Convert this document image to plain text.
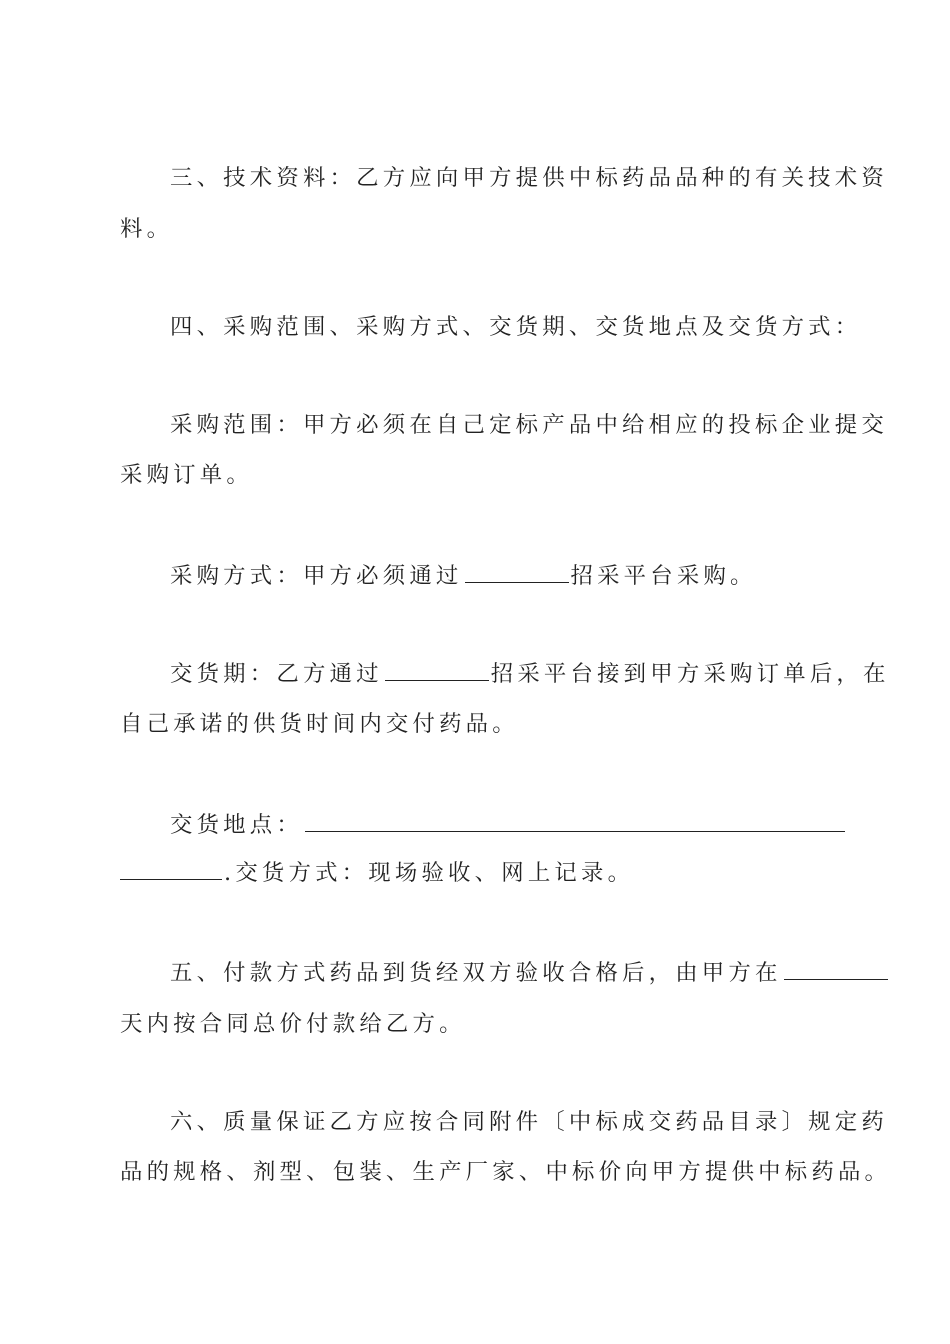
三、技术资料：乙方应向甲方提供中标药品品种的有关技术资
料。
四、采购范围、采购方式、交货期、交货地点及交货方式：
采购范围：甲方必须在自己定标产品中给相应的投标企业提交
采购订单。
采购方式：甲方必须通过	招采平台采购。
交货期：乙方通过	招采平台接到甲方采购订单后，在
自己承诺的供货时间内交付药品。
交货地点：
.交货方式：现场验收、网上记录。
五、付款方式药品到货经双方验收合格后，由甲方在
天内按合同总价付款给乙方。
六、质量保证乙方应按合同附件〔中标成交药品目录〕规定药
品的规格、剂型、包装、生产厂家、中标价向甲方提供中标药品。
